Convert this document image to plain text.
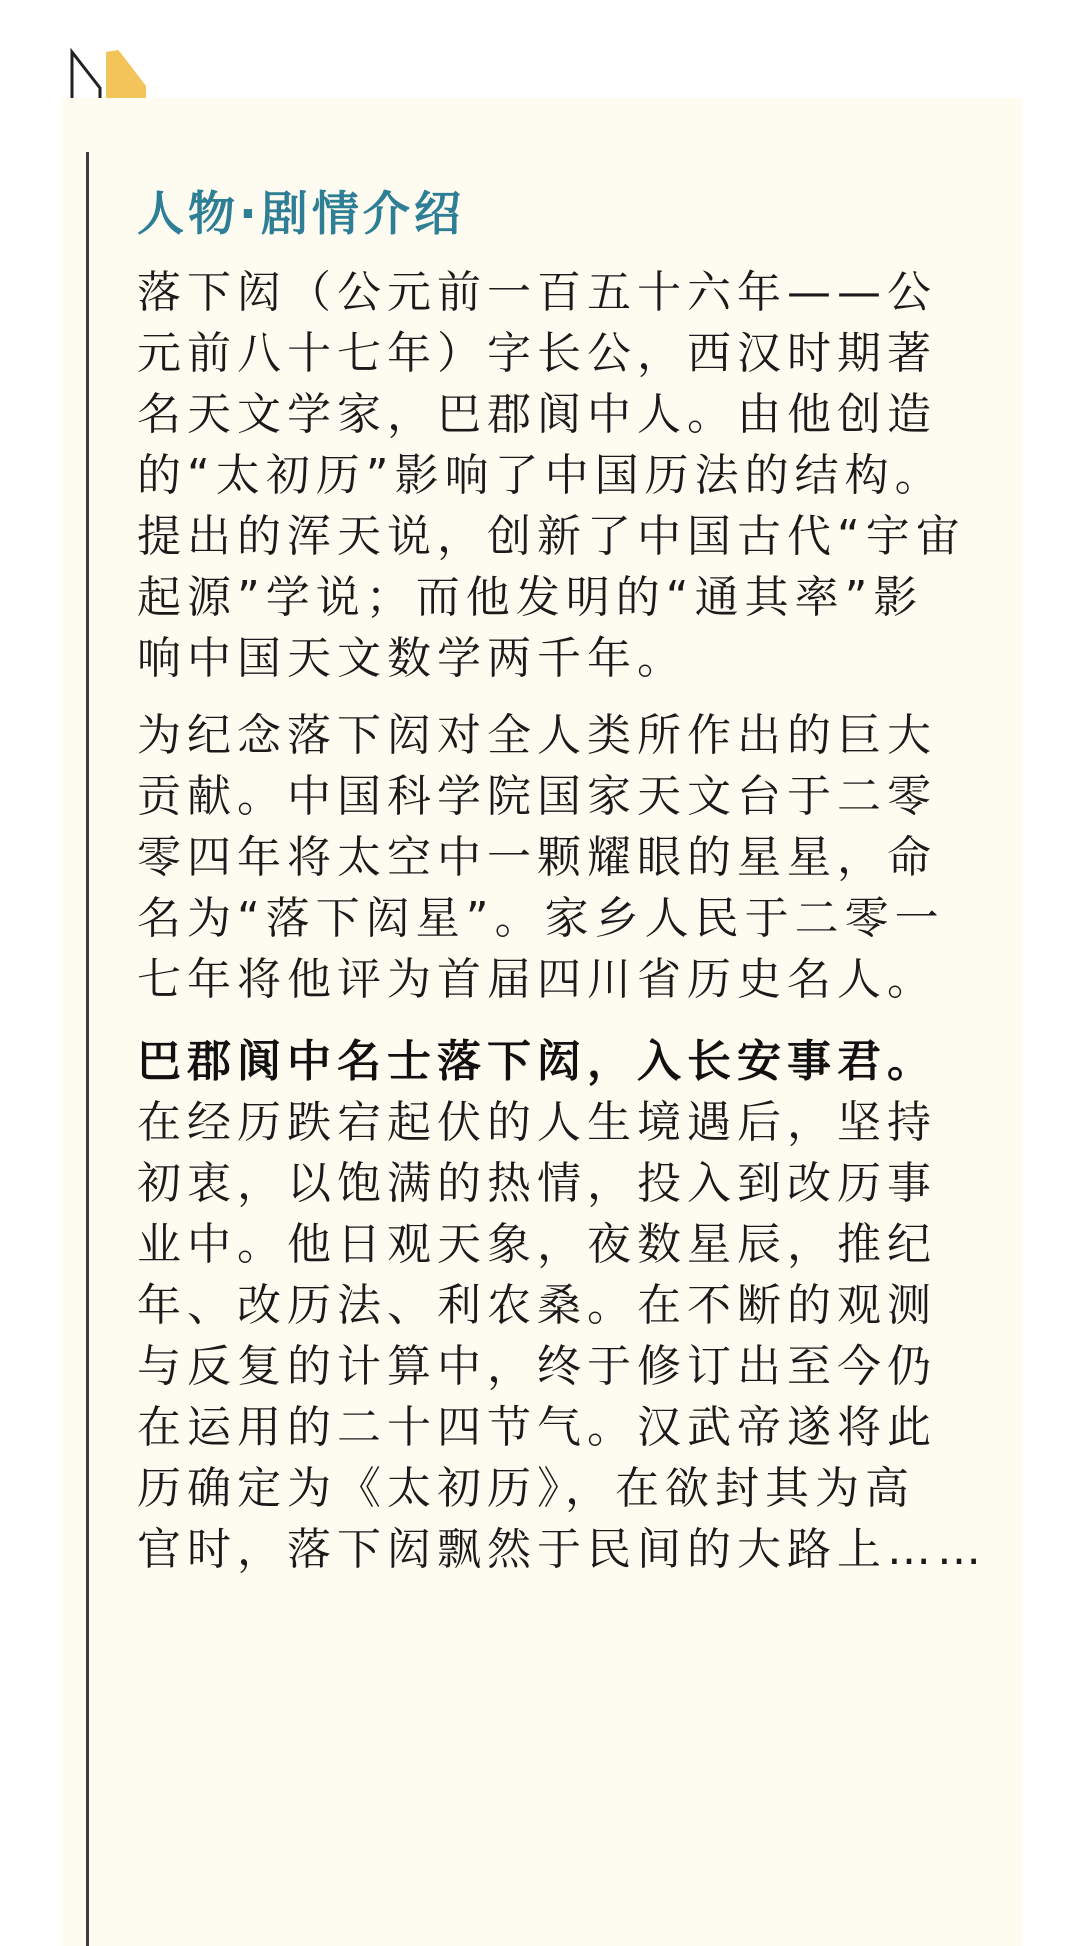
人物·剧情介绍
落下闳（公元前一百五十六年——公
元前八十七年）字长公，西汉时期著
名天文学家，巴郡阆中人。由他创造
的“太初历”影响了中国历法的结构。
提出的浑天说，创新了中国古代“宇宙
起源”学说；而他发明的“通其率”影
响中国天文数学两千年。
为纪念落下闳对全人类所作出的巨大
贡献。中国科学院国家天文台于二零
零四年将太空中一颗耀眼的星星，命
名为“落下闳星”。家乡人民于二零一
七年将他评为首届四川省历史名人。
巴郡阆中名士落下闳，入长安事君。
在经历跌宕起伏的人生境遇后，坚持
初衷，以饱满的热情，投入到改历事
业中。他日观天象，夜数星辰，推纪
年、改历法、利农桑。在不断的观测
与反复的计算中，终于修订出至今仍
在运用的二十四节气。汉武帝遂将此
历确定为《太初历》，在欲封其为高
官时，落下闳飘然于民间的大路上……
